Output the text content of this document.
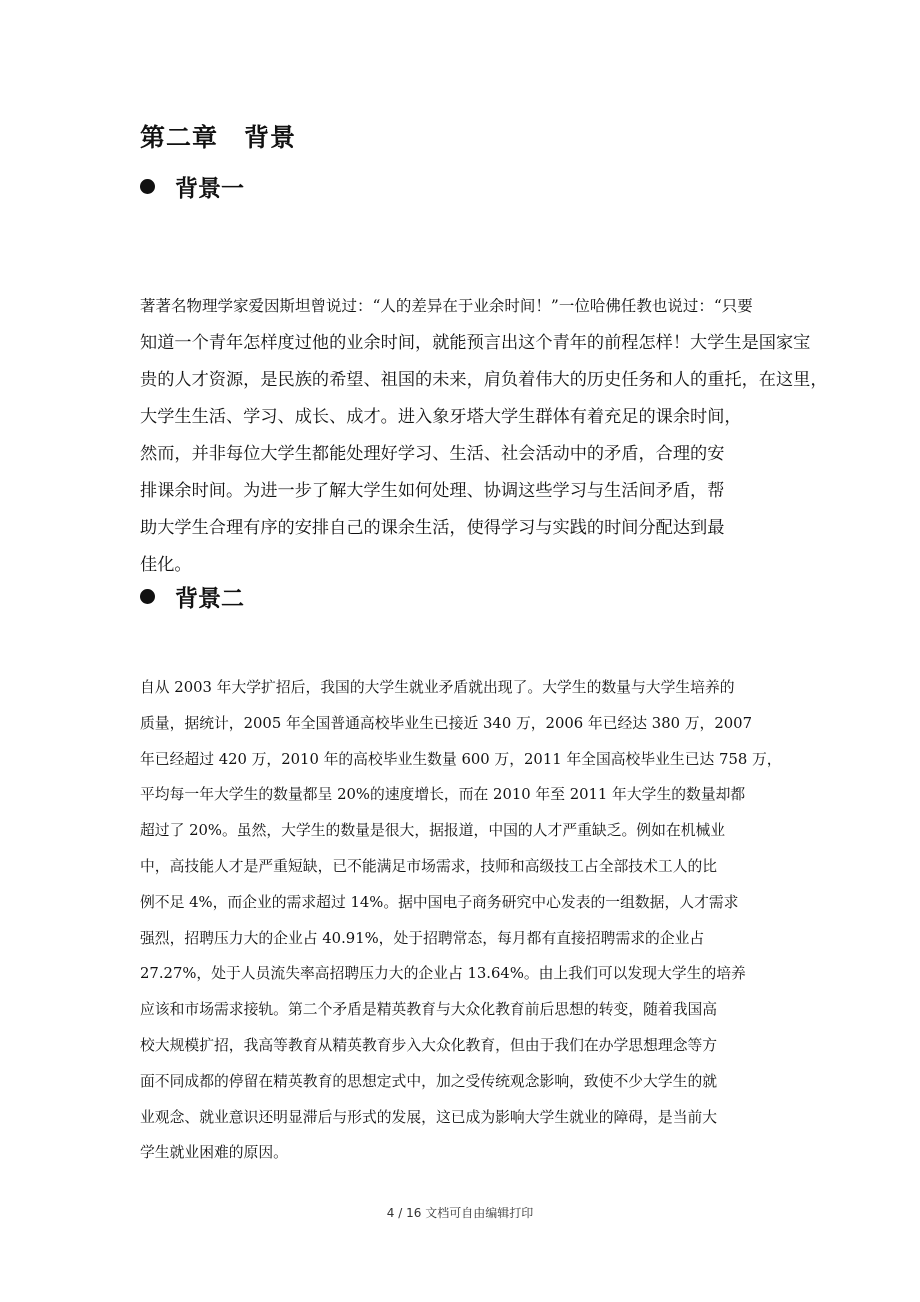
第二章　背景
背景一
著著名物理学家爱因斯坦曾说过：“人的差异在于业余时间！”一位哈佛任教也说过：“只要
知道一个青年怎样度过他的业余时间，就能预言出这个青年的前程怎样！大学生是国家宝
贵的人才资源，是民族的希望、祖国的未来，肩负着伟大的历史任务和人的重托，在这里，
大学生生活、学习、成长、成才。进入象牙塔大学生群体有着充足的课余时间，
然而，并非每位大学生都能处理好学习、生活、社会活动中的矛盾，合理的安
排课余时间。为进一步了解大学生如何处理、协调这些学习与生活间矛盾，帮
助大学生合理有序的安排自己的课余生活，使得学习与实践的时间分配达到最
佳化。
背景二
自从 2003 年大学扩招后，我国的大学生就业矛盾就出现了。大学生的数量与大学生培养的
质量，据统计，2005 年全国普通高校毕业生已接近 340 万，2006 年已经达 380 万，2007
年已经超过 420 万，2010 年的高校毕业生数量 600 万，2011 年全国高校毕业生已达 758 万，
平均每一年大学生的数量都呈 20%的速度增长，而在 2010 年至 2011 年大学生的数量却都
超过了 20%。虽然，大学生的数量是很大，据报道，中国的人才严重缺乏。例如在机械业
中，高技能人才是严重短缺，已不能满足市场需求，技师和高级技工占全部技术工人的比
例不足 4%，而企业的需求超过 14%。据中国电子商务研究中心发表的一组数据，人才需求
强烈，招聘压力大的企业占 40.91%，处于招聘常态，每月都有直接招聘需求的企业占
27.27%，处于人员流失率高招聘压力大的企业占 13.64%。由上我们可以发现大学生的培养
应该和市场需求接轨。第二个矛盾是精英教育与大众化教育前后思想的转变，随着我国高
校大规模扩招，我高等教育从精英教育步入大众化教育，但由于我们在办学思想理念等方
面不同成都的停留在精英教育的思想定式中，加之受传统观念影响，致使不少大学生的就
业观念、就业意识还明显滞后与形式的发展，这已成为影响大学生就业的障碍，是当前大
学生就业困难的原因。
4 / 16 文档可自由编辑打印
